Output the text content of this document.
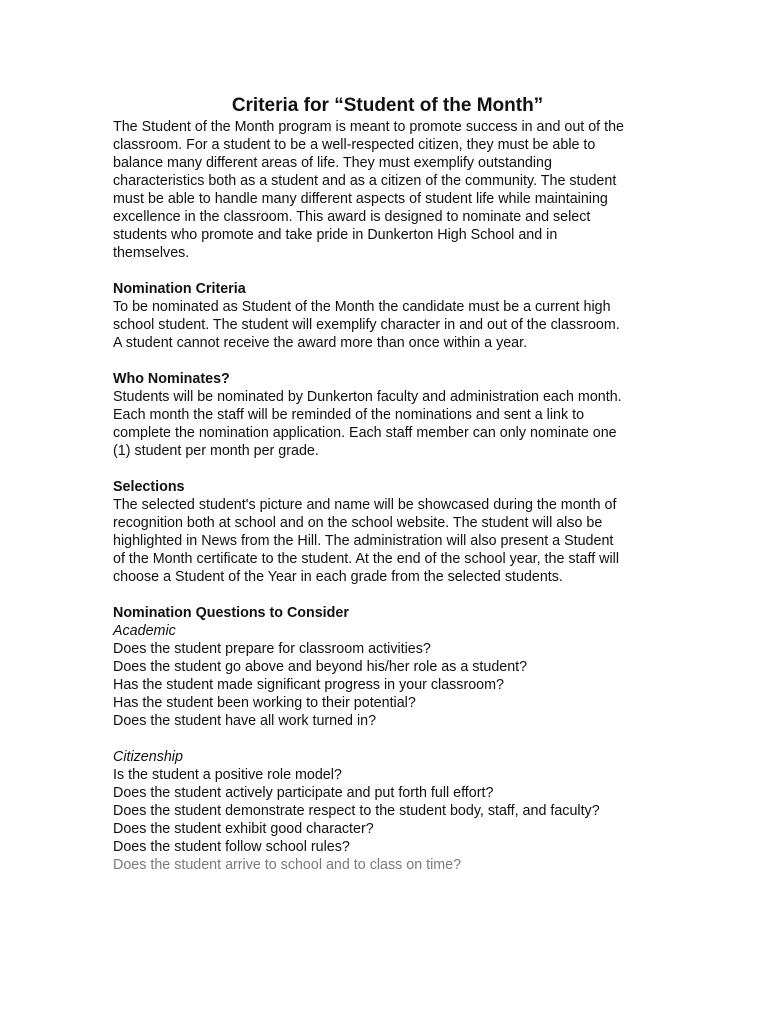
Criteria for “Student of the Month”
The Student of the Month program is meant to promote success in and out of the
classroom. For a student to be a well-respected citizen, they must be able to
balance many different areas of life. They must exemplify outstanding
characteristics both as a student and as a citizen of the community. The student
must be able to handle many different aspects of student life while maintaining
excellence in the classroom. This award is designed to nominate and select
students who promote and take pride in Dunkerton High School and in
themselves.
Nomination Criteria
To be nominated as Student of the Month the candidate must be a current high
school student. The student will exemplify character in and out of the classroom.
A student cannot receive the award more than once within a year.
Who Nominates?
Students will be nominated by Dunkerton faculty and administration each month.
Each month the staff will be reminded of the nominations and sent a link to
complete the nomination application. Each staff member can only nominate one
(1) student per month per grade.
Selections
The selected student's picture and name will be showcased during the month of
recognition both at school and on the school website. The student will also be
highlighted in News from the Hill. The administration will also present a Student
of the Month certificate to the student. At the end of the school year, the staff will
choose a Student of the Year in each grade from the selected students.
Nomination Questions to Consider
Academic
Does the student prepare for classroom activities?
Does the student go above and beyond his/her role as a student?
Has the student made significant progress in your classroom?
Has the student been working to their potential?
Does the student have all work turned in?
Citizenship
Is the student a positive role model?
Does the student actively participate and put forth full effort?
Does the student demonstrate respect to the student body, staff, and faculty?
Does the student exhibit good character?
Does the student follow school rules?
Does the student arrive to school and to class on time?
